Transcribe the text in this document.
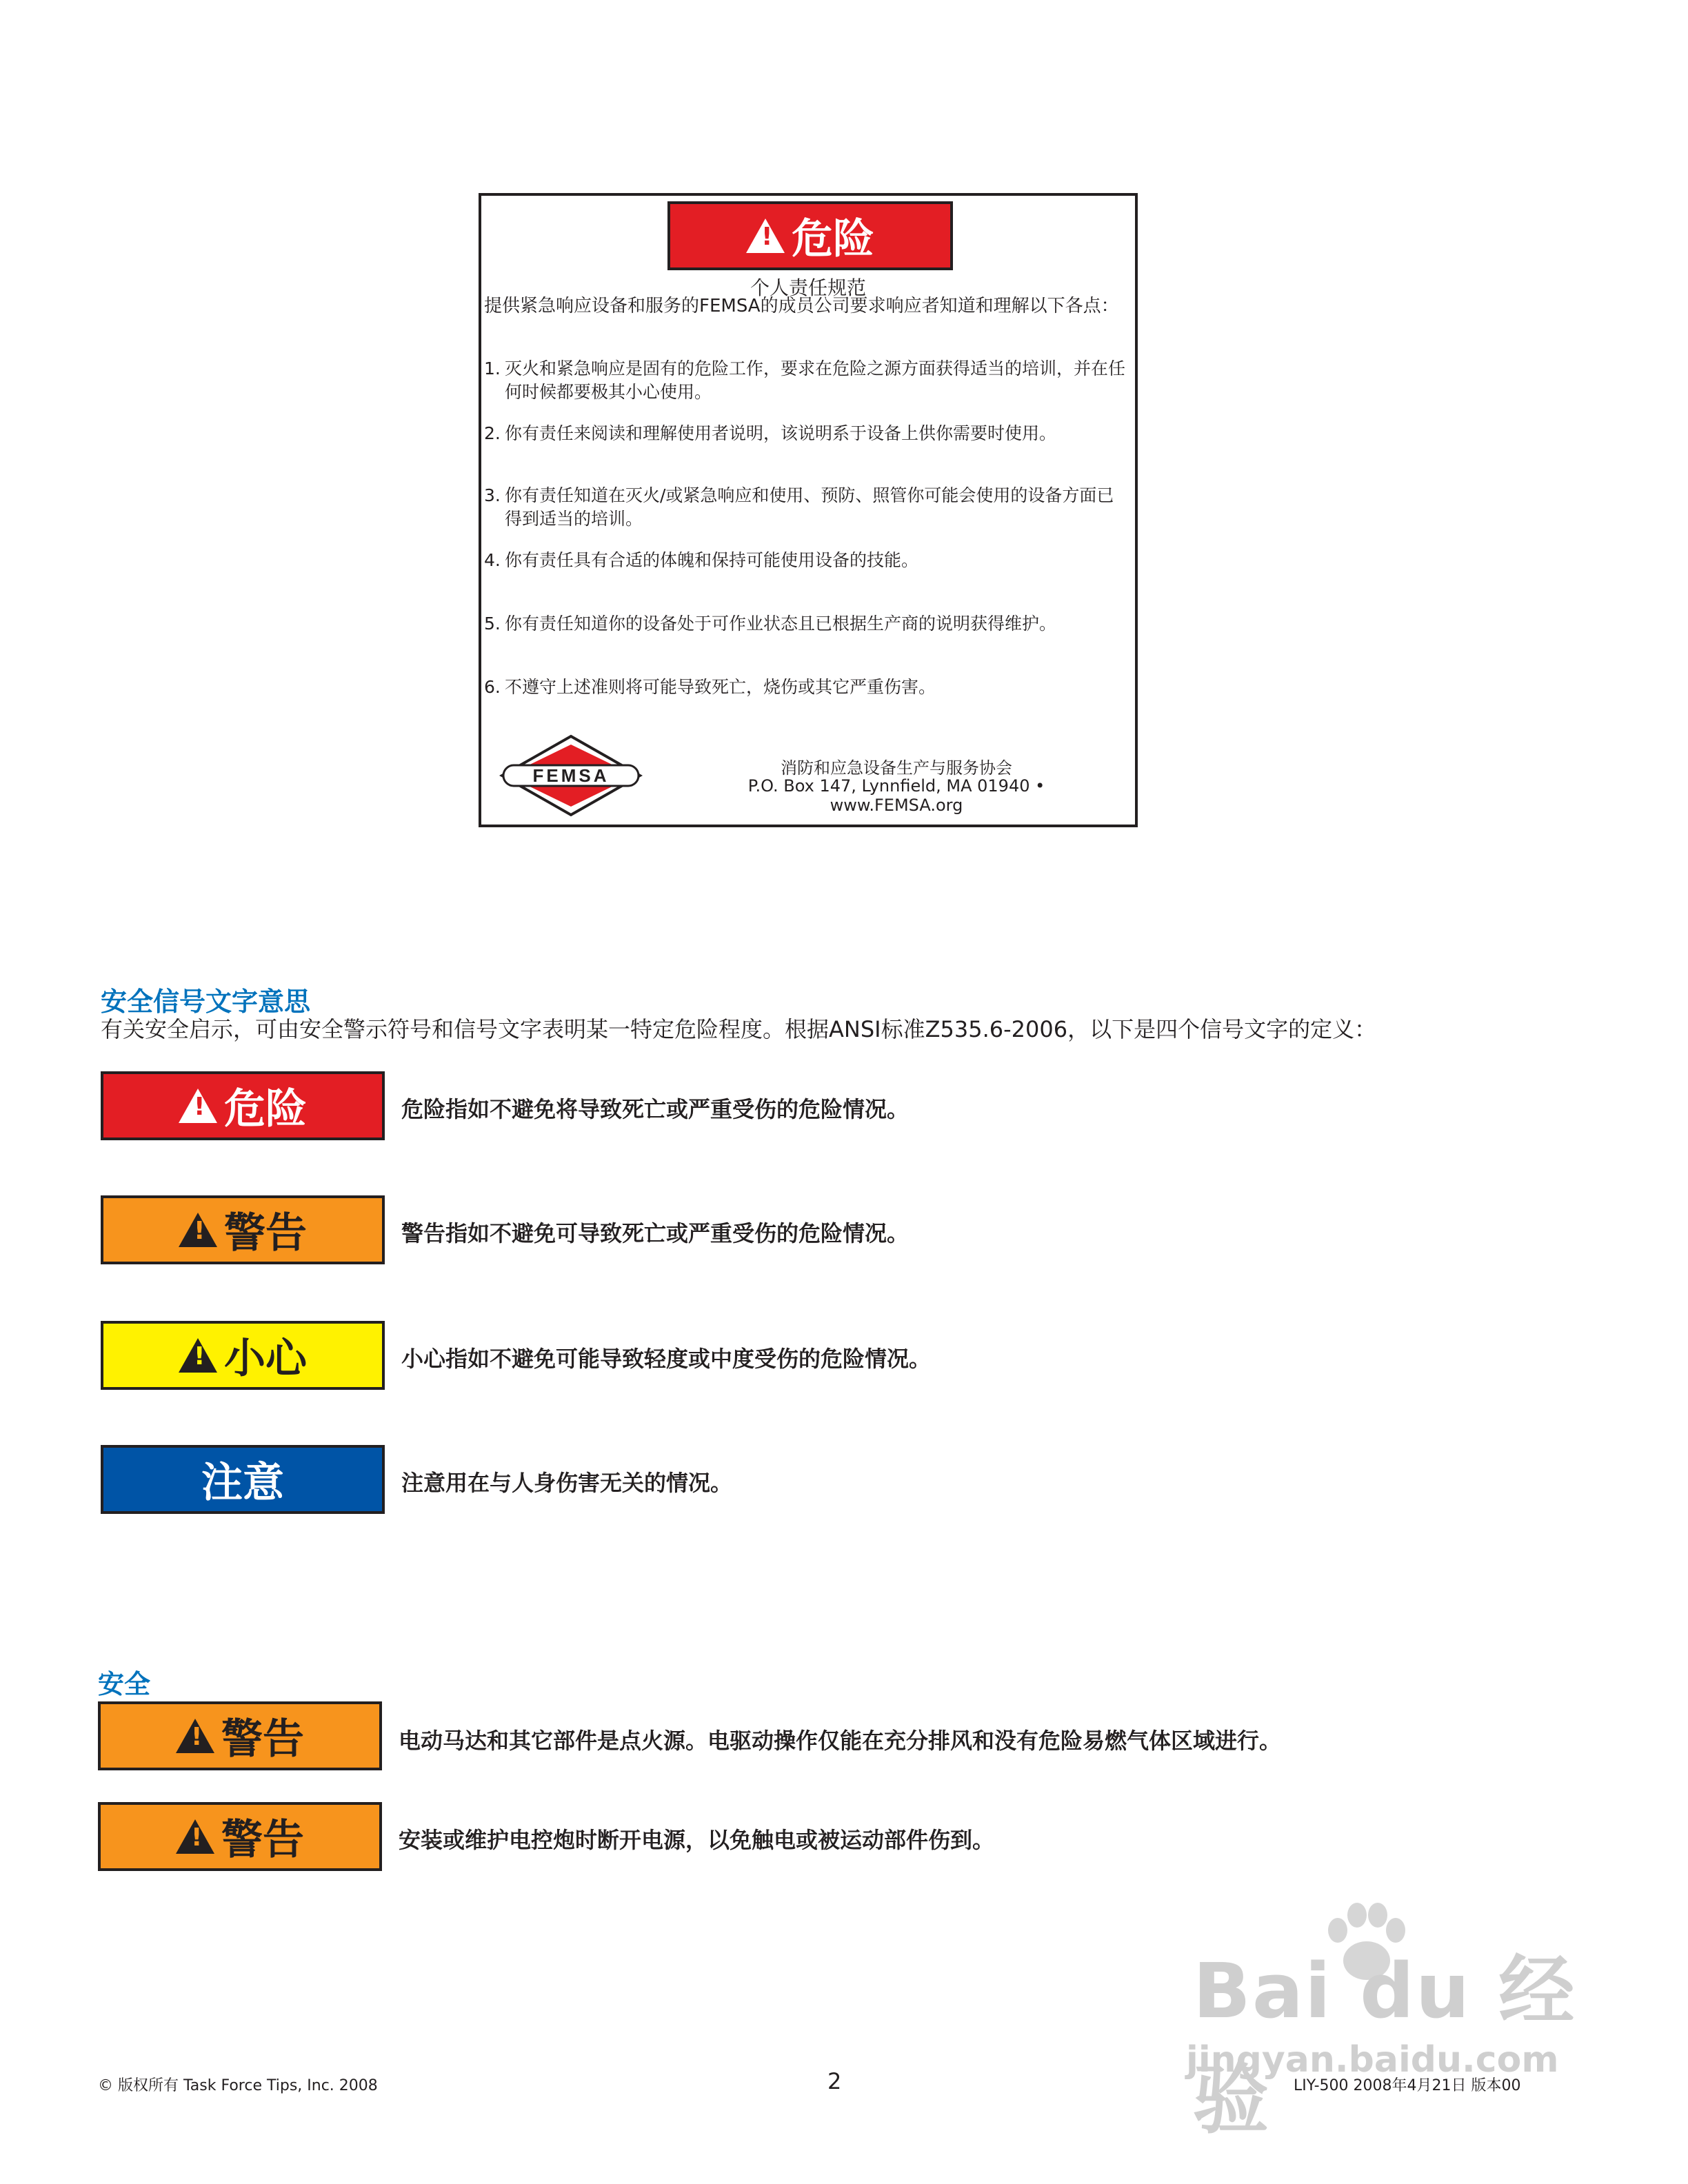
!
危险
个人责任规范
提供紧急响应设备和服务的FEMSA的成员公司要求响应者知道和理解以下各点：
1. 灭火和紧急响应是固有的危险工作，要求在危险之源方面获得适当的培训，并在任何时候都要极其小心使用。
2. 你有责任来阅读和理解使用者说明，该说明系于设备上供你需要时使用。
3. 你有责任知道在灭火/或紧急响应和使用、预防、照管你可能会使用的设备方面已得到适当的培训。
4. 你有责任具有合适的体魄和保持可能使用设备的技能。
5. 你有责任知道你的设备处于可作业状态且已根据生产商的说明获得维护。
6. 不遵守上述准则将可能导致死亡，烧伤或其它严重伤害。
FEMSA	消防和应急设备生产与服务协会
P.O. Box 147, Lynnfield, MA 01940 • www.FEMSA.org
安全信号文字意思
有关安全启示，可由安全警示符号和信号文字表明某一特定危险程度。根据ANSI标准Z535.6-2006，以下是四个信号文字的定义：
!
危险	危险指如不避免将导致死亡或严重受伤的危险情况。
!
警告	警告指如不避免可导致死亡或严重受伤的危险情况。
!
小心	小心指如不避免可能导致轻度或中度受伤的危险情况。
注意	注意用在与人身伤害无关的情况。
安全
!
警告	电动马达和其它部件是点火源。电驱动操作仅能在充分排风和没有危险易燃气体区域进行。
!
警告	安装或维护电控炮时断开电源，以免触电或被运动部件伤到。
Bai du 经验
jingyan.baidu.com
© 版权所有 Task Force Tips, Inc. 2008	2	LIY-500 2008年4月21日 版本00
